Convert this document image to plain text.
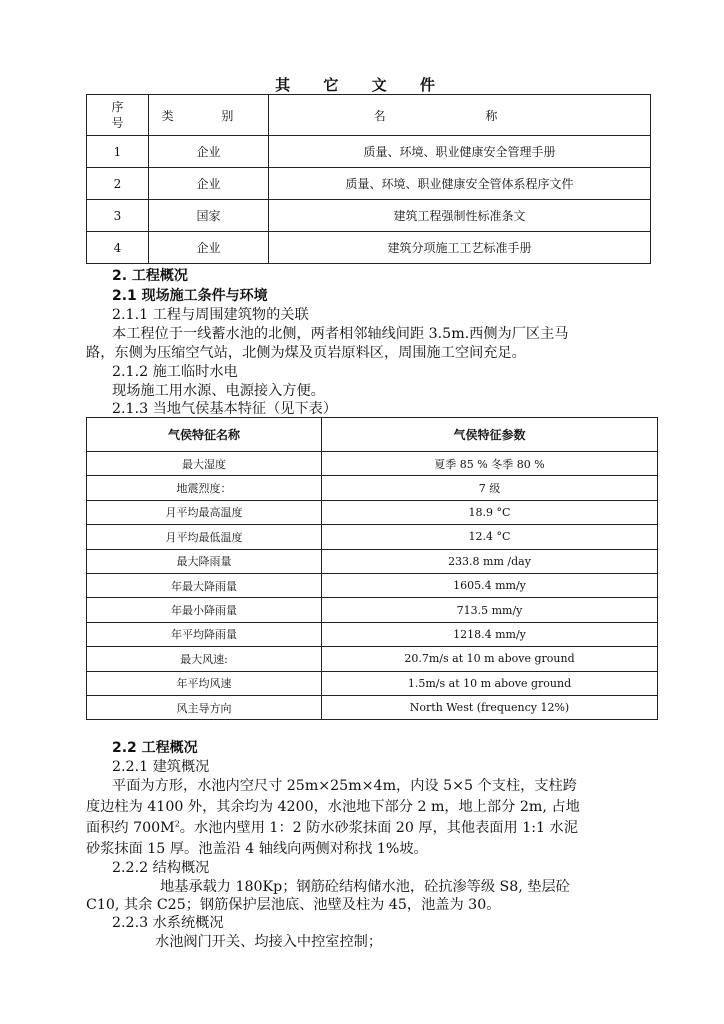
其 它 文 件
序号	类 别	名 称
1	企业	质量、环境、职业健康安全管理手册
2	企业	质量、环境、职业健康安全管体系程序文件
3	国家	建筑工程强制性标准条文
4	企业	建筑分项施工工艺标准手册
2. 工程概况
2.1 现场施工条件与环境
2.1.1 工程与周围建筑物的关联
本工程位于一线蓄水池的北侧，两者相邻轴线间距 3.5m.西侧为厂区主马
路，东侧为压缩空气站，北侧为煤及页岩原料区，周围施工空间充足。
2.1.2 施工临时水电
现场施工用水源、电源接入方便。
2.1.3 当地气侯基本特征（见下表）
气侯特征名称	气侯特征参数
最大湿度	夏季 85 % 冬季 80 %
地震烈度：	7 级
月平均最高温度	18.9 °C
月平均最低温度	12.4 °C
最大降雨量	233.8 mm /day
年最大降雨量	1605.4 mm/y
年最小降雨量	713.5 mm/y
年平均降雨量	1218.4 mm/y
最大风速:	20.7m/s at 10 m above ground
年平均风速	1.5m/s at 10 m above ground
风主导方向	North West (frequency 12%)
2.2 工程概况
2.2.1 建筑概况
平面为方形，水池内空尺寸 25m×25m×4m，内设 5×5 个支柱，支柱跨
度边柱为 4100 外，其余均为 4200，水池地下部分 2 m，地上部分 2m, 占地
面积约 $700M^2$。水池内壁用 1：2 防水砂浆抹面 20 厚，其他表面用 1:1 水泥
砂浆抹面 15 厚。池盖沿 4 轴线向两侧对称找 1%坡。
2.2.2 结构概况
地基承载力 180Kp；钢筋砼结构储水池，砼抗渗等级 S8, 垫层砼
C10, 其余 C25；钢筋保护层池底、池壁及柱为 45，池盖为 30。
2.2.3 水系统概况
水池阀门开关、均接入中控室控制；
